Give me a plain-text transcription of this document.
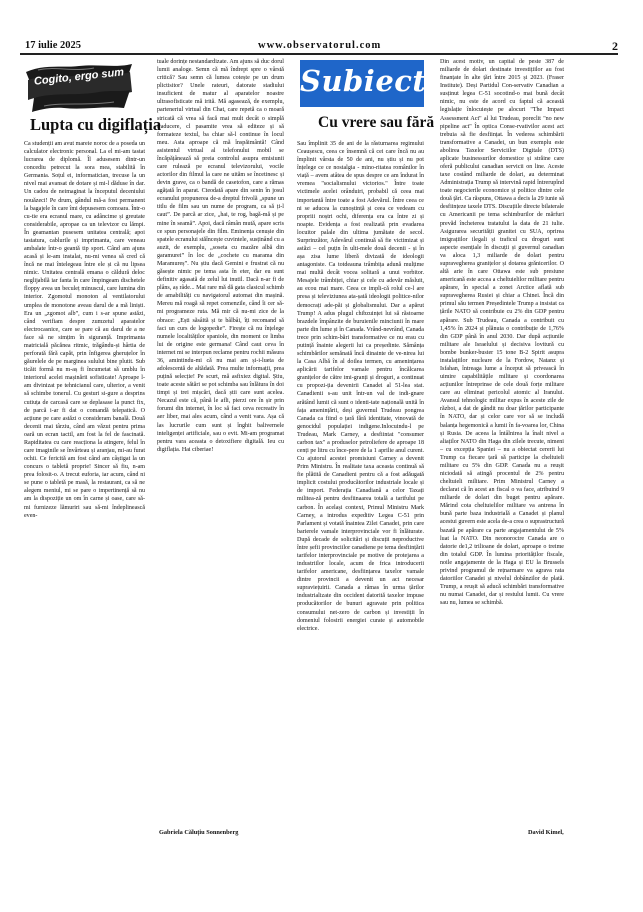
17 iulie 2025	www.observatorul.com	2
Cogito, ergo sum
Lupta cu digiflația

Ca studenții am avut mareie noroc de a poseda un calculator electronic personal. La el mi-am tastat lucrarea de diplomă. Îl adusesem dintr-un concediu petrecut la sora mea, stabilită în Germania. Soțul ei, informatician, trecuse la un nivel mai avansat de dotare și mi-l dăduse în dar. Un cadou de neimaginat la începutul deceniului nouăzeci! Pe drum, gândul mă-a fost permanent la bagajele în care îmi depusesem comoara. Într-o cu-tie era ecranul mare, cu adâncime și greutate considerabile, apropae ca un televizor cu lămpi. În geamantan pusesem unitatea centrală; apoi tastatura, cablurile și imprimanta, care veneau ambalate într-o geantă tip sport. Când am ajuns acasă și le-am instalat, nu-mi venea să cred că încă ne mai întelegeau între ele și că nu lipsea nimic. Unitatea centrală emana o căldură deloc neglijabilă iar fanta în care împingeam dischetele floppy avea un beculeț minuscul, care lumina din interior. Zgomotul monoton al ventilatorului umplea de monotone aveau darul de a mă liniști. Era un „zgomot alb”, cum i s-ar spune astăzi, când verifiam despre zumzetul aparatelor electrocasnice, care se pare că au darul de a ne face să ne simțim în siguranță. Imprimanta matricială păcănea ritmic, trăgându-și hârtia de perforată fără capăt, prin înfigerea gheruțelor în găurelele de pe marginea sulului bine plutit. Sub ticăit formă nu m-aș fi încumetat să umblu în interiorul acelei mașinării sofisticate! Aproape l-am divinizat pe tehnicianul care, ulterior, a venit să schimbe tonerul. Cu gesturi si-gure a desprins cutiuța de carcasă care se deplasase la punct fix, de parcă i-ar fi dat o comandă telepatică. O acțiune pe care astăzi o consideram banală. Două decenii mai târziu, când am văzut pentru prima oară un ecran tactil, am fost la fel de fascinată. Rapiditatea cu care reacționa la atingere, felul în care imaginile se învârteau și aranjau, mi-au furat ochii. Ce fericită am fost când am câștigat la un concurs o tabletă proprie! Sincer să fiu, n-am prea folosit-o. A trecut euforia, iar acum, când ni se pune o tabletă pe masă, la restaurant, ca să ne alegem meniul, mi se pare o impertinență să nu am la dispoziție un om în carne și oase, care să-mi furnizeze lămuriri sau să-mi îndeplinească even-

tuale dorințe nestandardizate. Am ajuns să duc dorul lumii analoge. Semn că mă îndrept spre o vârstă critică? Sau semn că lumea cotește pe un drum plictisitor? Unele rateuri, datorate stadiului insuficient de matur al aparatelor noastre ultrasofisticate mă irită. Mă agasează, de exemplu, parteneriul virtual din Chat, care repetă ca o moară stricată că vrea să facă mai mult decât o simplă traducere, cl pasamite vrea să editeze și să formateze textul, ba chiar să-l continue în locul meu. Asta aproape că mă înspăimântă! Când asistentul virtual al telefonului mobil se încăpățânează să preia controlul asupra emisiunii care rulează pe ecranul televizorului, vocile actorilor din filmul la care ne uităm se încetinesc și devin grave, ca o bandă de casetofon, care a rămas agățată în aparat. Cteodată apare din senin în josul ecranului propunerea de-a dreptul frivolă „spune un titlu de film sau un nume de program, ca să ți-l caut”. De parcă ar zice, „hai, te rog, bagă-mă și pe mine în seamă”. Apoi, dacă râmân mută, apare scris ce spun personajele din film. Eminența cenușie din spatele ecranului stăîncește cuvintele, susținând cu a auzit, de exemplu, „soseta cu mazăre albă din garamurei” în loc de „cochete cu marama din Maramureș”. Nu știu dacă Gemini e frustrat că nu găsește nimic pe tema asta în eter, dar eu sunt definitiv agasată de zelul lui inutil. Dacă n-ar fi de plâns, aș râde... Mai rare mă dă gata clasicul schimb de amabilități cu navigatorul automat din mașină. Mereu mă roagă să repet comenzile, când îi cer să-mi programeze ruta. Mă mir că nu-mi zice de la obrace: „Ești săsâită și te bâlbâi, îți recomand să faci un curs de logopedie”. Firește că nu înțelege numele localităților spaniole, din moment ce limba lui de origine este germana! Când caut ceva în internet mi se interpun reclame pentru rochii măsura 36, amintindu-mi că nu mai am și-i-lueta de adolescentă de altădată. Prea multe informații, prea puțină selecție! Pe scurt, mă asfixiez digital. Știu, toate aceste sătări se pot schimba sau înlătura în doi timpi și trei mișcări, dacă știi care sunt acelea. Necazul este că, până le afli, pierzi ore în șir prin forumi din internet, în loc să faci ceva recreativ în aer liber, mai ales acum, când a venit vara. Așa că las lucrurile cum sunt și înghit balivernele inteligenței artificiale, sau o evit. Mi-am programat pentru vara aceasta o detoxifiere digitală. Ieu cu digiflația. Hai ciberiae!

Gabriela Căluțiu Sonnenberg
Subiectiv
Cu vrere sau fără

Sau împlinit 35 de ani de la răsturnarea regimului Ceaușescu, ceea ce însemnă că cei care încă nu au împlinit vârsta de 50 de ani, nu știu și nu pot înțelege ce ce nostalgia - mino-ritatea românilor în viață – avem atâtea de spus despre ce am îndurat în vremea "socialismului victorios." Între toate victimele acelei orânduiri, probabil că ceea mai importantă între toate a fost Adevărul. Între ceea ce ni se aducea la cunoștință și ceea ce vedeam cu propriii noștri ochi, diferența era ca între zi și noapte. Evidența a fost realizată prin evadarea locuitor palale din ultima jumătate de secol. Surprinzător, Adevărul continuă să fie victimizat și astăzi – cel puțin în ulti-mele două decenii - și în așa zisa lume liberă divizată de ideologii antagoniste. Ca totdeauna trâmbița adună mulțime mai multă decât vocea solitară a unui vorbitor. Mesajele trâmbiței, chiar și cele cu adevăr măsluit, au ecou mai mare. Ceea ce impli-că rolul ce-l are presa și televiziunea ata-șată ideologii politice-nilor democrați ade-păi și globalismului. Dar a apărut Trump! A adus plugul chibzuinței lui să răstoarne brazdele împânzite de buruienile minciunii în mare parte din lume și în Canada. Vrând-nevrând, Canada trece prin schim-bări transformative ce nu erau cu putință înainte alegerii lui ca președinte. Sămânța schimbărilor semănată încă dinainte de ve-nirea lui la Casa Albă în al doilea termen, cu amenințarea aplicării tarifelor vamale pentru încălcarea granițelor de către imi-granți și droguri, a continuat cu propozi-ția devenirii Canadei al 51-lea stat. Canadienii s-au unit într-un val de indi-gnare arătând lumii că sunt o identi-tate națională unită în fața amenințării, deși guvernul Trudeau pongrea Canada ca fiind o țară fără identitate, vinovată de genocidul populației indigene.Inlocuindu-l pe Trudeau, Mark Carney, a desfiintat "consumer carbon tax" a produselor petroliefere de aproape 18 cenți pe litru cu înce-pere de la 1 aprilie anul curent. Cu ajutorul acestei promisiuni Carney a devenit Prim Ministru. În realitate taxa aceasta continuă să fie plătită de Canadieni pentru că a fost adăugată implicit costului producătorilor industriale locale și de import. Federația Canadiană a celor Taxați militea-ză pentru desfiinaarea totală a tarifului pe carbon. În același context, Primul Ministru Mark Carney, a introdus expeditiv Legea C-51 prin Parlament și votată înaintea Zilei Canadei, prin care barierele vamale interprovinciale vor fi înlăturate. După decade de solicitări și discuții neproductive între șefii provinciilor canadiene pe tema desființării tarifelor interprovinciale pe motive de protejarea a industriilor locale, acum de frica introducerii tarifelor americane, desființarea taxelor vamale dintre provincii a devenit un act necesar supraviețuirii. Canada a rămas în urma țărilor industrializate din occident datorită taxelor impuse producătorilor de bunuri agravate prin politica consumului net-zero de carbon și investiții în domeniul folosirii energiei curate și automobile electrice.

Din acest motiv, un capital de peste 387 de miliarde de dolari destinate investițiilor au fost finanțate în alte țări între 2015 și 2023. (Fraser Institute). Deși Partidul Con-servativ Canadian a susținut legea C-51 socotind-o mai bună decât nimic, nu este de acord cu faptul că această legislație înlocuiește pe alocuri "The Impact Assessment Act" al lui Trudeau, poreclit "no new pipeline act" În optica Conse-rvativilor acest act trebuia să fie desființat. În vederea schimbării transformative a Canadei, un bun exemplu este abolirea Taxelor Serviciilor Digitale (DTS) aplicate businessurilor domestice și străine care oferă publicului canadian servicii on line. Aceste taxe costând miliarde de dolari, au determinat Administrația Trump să intervină rapid întrerupînd toate negocierile economice și politice dintre cele două țări. Ca răspuns, Ottawa a decis la 29 iunie să desființeze taxele DTS. Discuțiile directe bilaterale cu Americanii pe tema schimburilor de mărfuri prevăd încheierea tratatului la data de 21 iulie. Asigurarea securității granitei cu SUA, oprirea imigrațiilor ilegali și traficul cu droguri sunt aspecte esențiale în discuții și guvernul canadian va aloca 1,3 miliarde de dolari pentru supravegherea granițelor și dotarea grănicerilor. O altă arie în care Ottawa este sub presiune americană este accea a cheltuielilor militare pentru apărare, în special a zonei Arctice aflată sub supravegherea Rusiei și chiar a Chinei. Încă din primul său termen Președintele Trump a insistat ca țările NATO să contribuie cu 2% din GDP pentru apărare. Sub Trudeau, Canada a contribuit cu 1,45% în 2024 și plănuia o contribuție de 1,76% din GDP până în anul 2030. Dar după acțiunile militare ale Israelului și decisiva lovitură cu bombe bunker-buster 15 tone B-2 Spirit asupra instalațiilor nucleare de la Fordow, Natanz și Isfahan, întreaga lume a început să privească în uimire capabilitățile militare și coordonarea acțiunilor întreprinse de cele două forțe militare care au eliminat pericolul atomic al Iranului. Avansul tehnologic militar expus în aceste zile de război, a dat de gândit nu doar țărilor participante în NATO, dar și celor care vor să se includă balanța hegemonică a lumii în fa-voarea lor, China și Rusia. De aceea la întâlnirea la înalt nivel a aliaților NATO din Haga din zilele trecute, nimeni – cu excepția Spaniei – nu a obiectat cererii lui Trump ca fiecare țară să participe la cheltuieli militare cu 5% din GDP. Canada nu a reușit niciodată să atingă procentul de 2% pentru cheltuieli militare. Prim Ministrul Carney a declarat că în acest an fiscal o va face, atribuind 9 miliarde de dolari din buget pentru apărare. Mărind cota cheltuielilor militare va antrena în bună parte baza industrială a Canadei și planul acestui guvern este acela de-a crea o suprastructură bazată pe apărare ca parte angajamentului de 5% luat la NATO. Din neonorocire Canada are o datorie de1,2 trilioane de dolari, aproape o treime din totalul GDP. În lumina priorităților fiscale, noile angajamente de la Haga și EU la Brussels privind programul de rețnarmare va agrava rata datoriilor Canadei și nivelul dobânzilor de plată. Trump, a reușit să aducă schimbări transformative nu numai Canadei, dar și restului lumii. Cu vrere sau nu, lumea se schimbă.

David Kimel,
